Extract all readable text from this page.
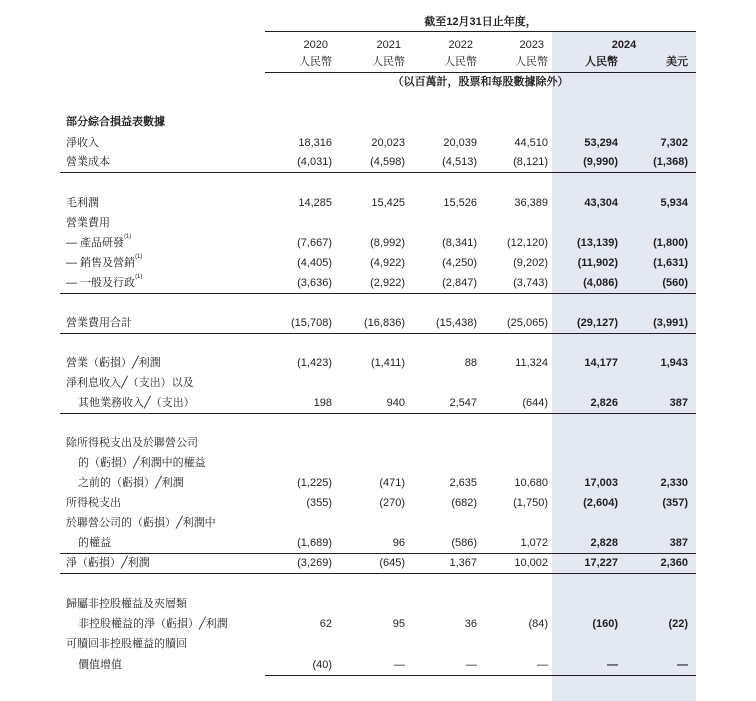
截至12月31日止年度，
2020	2021	2022	2023	2024
人民幣	人民幣	人民幣	人民幣	人民幣	美元
（以百萬計，股票和每股數據除外）
部分綜合損益表數據
淨收入	18,316	20,023	20,039	44,510	53,294	7,302
營業成本	(4,031)	(4,598)	(4,513)	(8,121)	(9,990)	(1,368)
毛利潤	14,285	15,425	15,526	36,389	43,304	5,934
營業費用
— 產品研發$^{(1)}$	(7,667)	(8,992)	(8,341)	(12,120)	(13,139)	(1,800)
— 銷售及營銷$^{(1)}$	(4,405)	(4,922)	(4,250)	(9,202)	(11,902)	(1,631)
— 一般及行政$^{(1)}$	(3,636)	(2,922)	(2,847)	(3,743)	(4,086)	(560)
營業費用合計	(15,708)	(16,836)	(15,438)	(25,065)	(29,127)	(3,991)
營業（虧損）╱利潤	(1,423)	(1,411)	88	11,324	14,177	1,943
淨利息收入╱（支出）以及
其他業務收入╱（支出）	198	940	2,547	(644)	2,826	387
除所得税支出及於聯營公司
的（虧損）╱利潤中的權益
之前的（虧損）╱利潤	(1,225)	(471)	2,635	10,680	17,003	2,330
所得税支出	(355)	(270)	(682)	(1,750)	(2,604)	(357)
於聯營公司的（虧損）╱利潤中
的權益	(1,689)	96	(586)	1,072	2,828	387
淨（虧損）╱利潤	(3,269)	(645)	1,367	10,002	17,227	2,360
歸屬非控股權益及夾層類
非控股權益的淨（虧損）╱利潤	62	95	36	(84)	(160)	(22)
可贖回非控股權益的贖回
價值增值	(40)	—	—	—	—	—
